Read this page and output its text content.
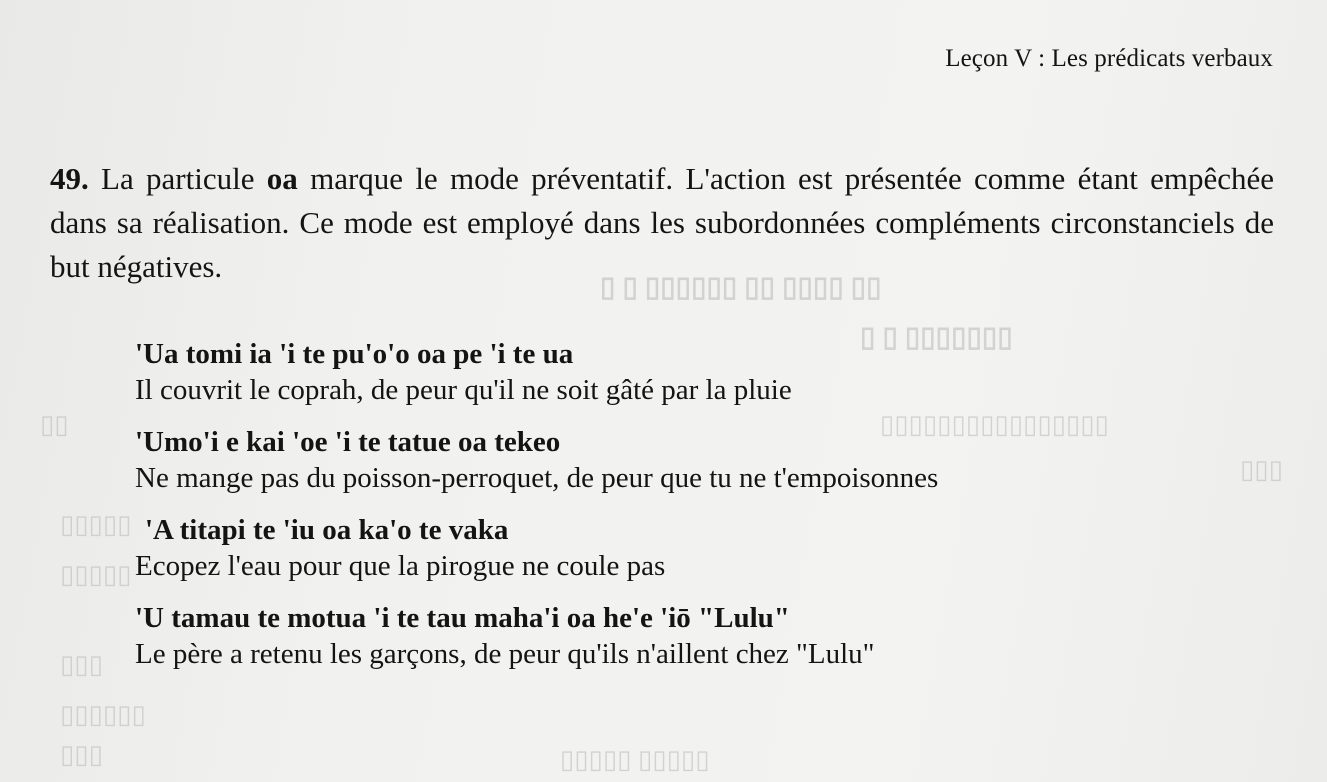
▯▯ ▯▯▯▯ ▯▯ ▯▯▯▯▯▯ ▯ ▯
▯▯▯▯▯▯▯ ▯ ▯
▯▯▯▯▯▯▯▯▯▯▯▯▯▯▯▯
▯▯
▯▯▯
▯▯▯▯▯
▯▯▯▯▯
▯▯▯
▯▯▯▯▯▯
▯▯▯	▯▯▯▯▯ ▯▯▯▯▯
Leçon V : Les prédicats verbaux

49. La particule oa marque le mode préventatif. L'action est présentée comme étant empêchée dans sa réalisation. Ce mode est employé dans les subordonnées compléments circonstanciels de but négatives.

'Ua tomi ia 'i te pu'o'o oa pe 'i te ua
Il couvrit le coprah, de peur qu'il ne soit gâté par la pluie
'Umo'i e kai 'oe 'i te tatue oa tekeo
Ne mange pas du poisson-perroquet, de peur que tu ne t'empoisonnes
'A titapi te 'iu oa ka'o te vaka
Ecopez l'eau pour que la pirogue ne coule pas
'U tamau te motua 'i te tau maha'i oa he'e 'iō "Lulu"
Le père a retenu les garçons, de peur qu'ils n'aillent chez "Lulu"
